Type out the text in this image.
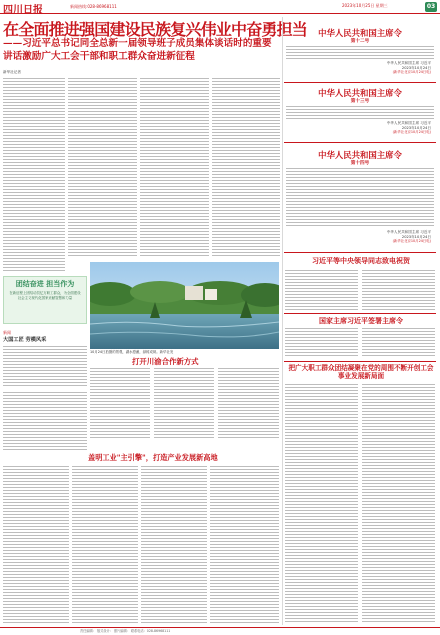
四川日报	新闻热线:028-86968111	2023年10月25日 星期三	03
在全面推进强国建设民族复兴伟业中奋勇担当
——习近平总书记同全总新一届领导班子成员集体谈话时的重要讲话激励广大工会干部和职工群众奋进新征程
新华社记者
团结奋进 担当作为
在新征程上团结动员亿万职工群众，为全面建设社会主义现代化国家贡献智慧和力量
新闻
大国工匠 劳模风采
10月24日拍摄的景观，湖水澄澈，绿树成荫。新华社发
打开川渝合作新方式
盖明工业"主引擎"，打造产业发展新高地
中华人民共和国主席令
第十二号
中华人民共和国主席 习近平
2023年10月24日
(新华社北京10月24日电)
中华人民共和国主席令
第十三号
中华人民共和国主席 习近平
2023年10月24日
(新华社北京10月24日电)
中华人民共和国主席令
第十四号
中华人民共和国主席 习近平
2023年10月24日
(新华社北京10月24日电)
习近平等中央领导同志致电祝贺
国家主席习近平签署主席令
把广大职工群众团结凝聚在党的周围不断开创工会事业发展新局面
责任编辑： 版式设计： 照片编辑： 联系电话：028-86968111
